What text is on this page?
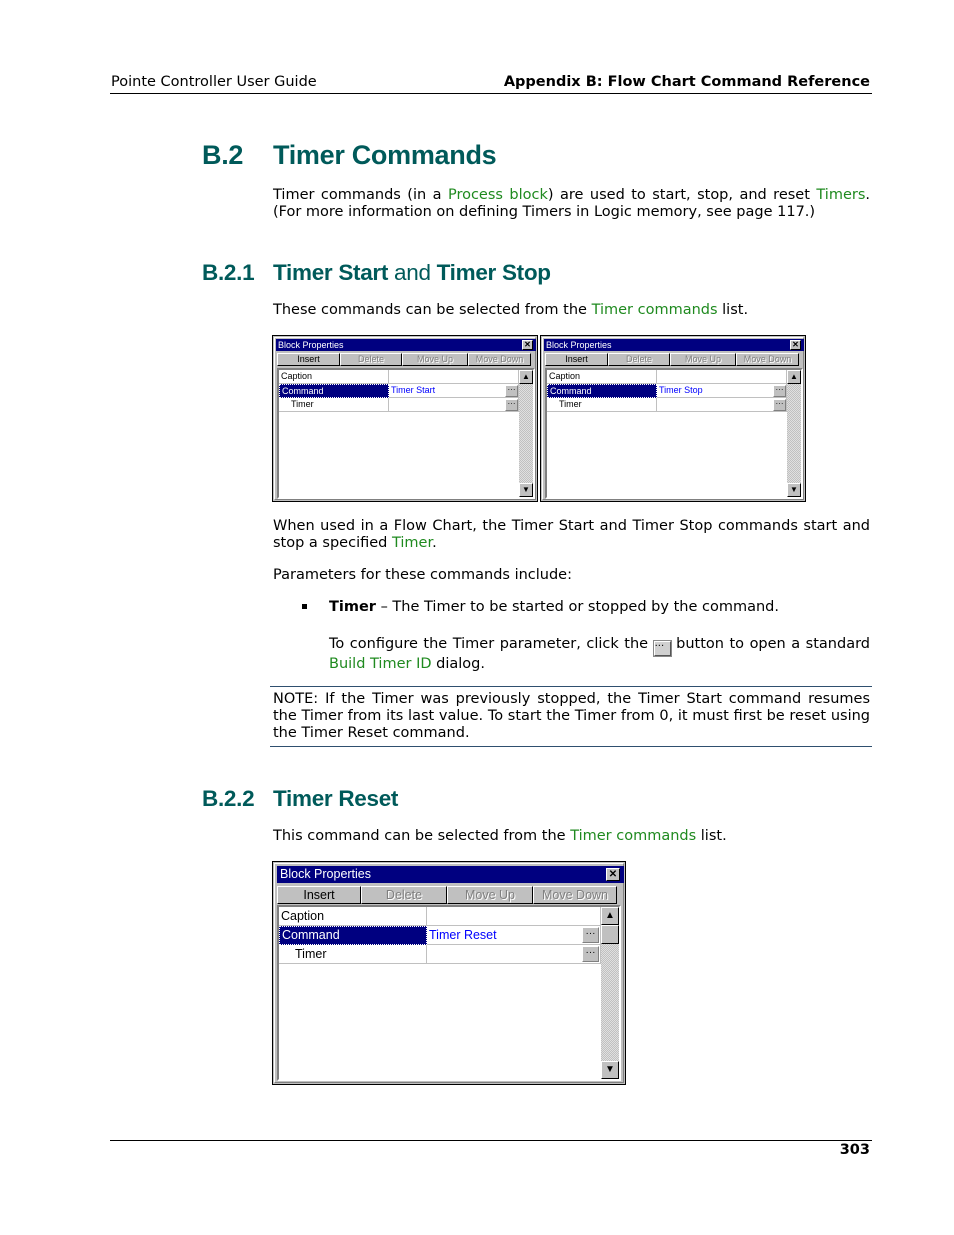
Pointe Controller User Guide	Appendix B: Flow Chart Command Reference
B.2 Timer Commands
Timer commands (in a Process block) are used to start, stop, and reset Timers. (For more information on defining Timers in Logic memory, see page 117.)
B.2.1 Timer Start and Timer Stop
These commands can be selected from the Timer commands list.
Block Properties	✕
Insert	Delete	Move Up	Move Down
Caption
Command	Timer Start	···
Timer	···
▲
▼
Block Properties	✕
Insert	Delete	Move Up	Move Down
Caption
Command	Timer Stop	···
Timer	···
▲
▼
When used in a Flow Chart, the Timer Start and Timer Stop commands start and stop a specified Timer.
Parameters for these commands include:
Timer – The Timer to be started or stopped by the command.
To configure the Timer parameter, click the ··· button to open a standard Build Timer ID dialog.
NOTE: If the Timer was previously stopped, the Timer Start command resumes the Timer from its last value. To start the Timer from 0, it must first be reset using the Timer Reset command.
B.2.2 Timer Reset
This command can be selected from the Timer commands list.
Block Properties	✕
Insert	Delete	Move Up	Move Down
Caption
Command	Timer Reset	···
Timer	···
▲
▼
303
